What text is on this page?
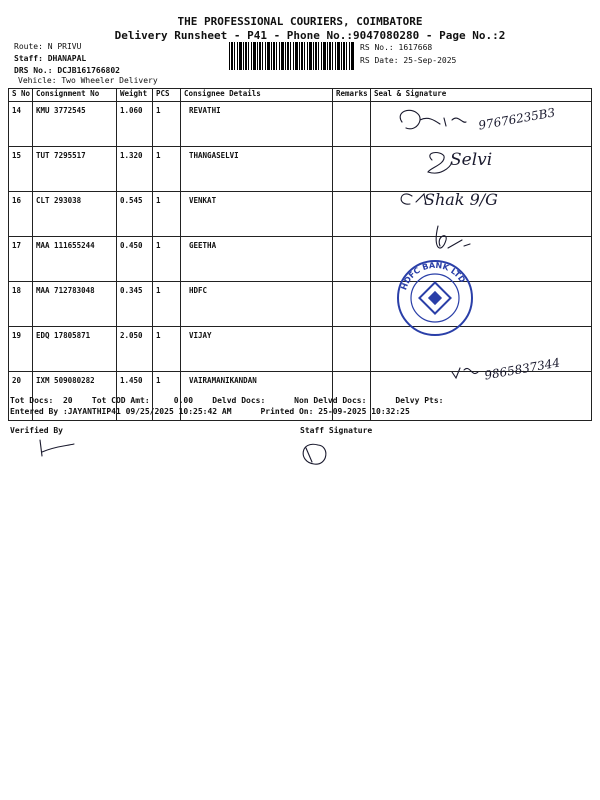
THE PROFESSIONAL COURIERS, COIMBATORE
Delivery Runsheet - P41 - Phone No.:9047080280 - Page No.:2
Route: N PRIVU
Staff: DHANAPAL
DRS No.: DCJB161766802
Vehicle: Two Wheeler Delivery
RS No.: 1617668
RS Date: 25-Sep-2025
S No	Consignment No	Weight	PCS	Consignee Details	Remarks	Seal & Signature
14	KMU 3772545	1.060	1	REVATHI		
15	TUT 7295517	1.320	1	THANGASELVI		
16	CLT 293038	0.545	1	VENKAT		
17	MAA 111655244	0.450	1	GEETHA		
18	MAA 712783048	0.345	1	HDFC		
19	EDQ 17805871	2.050	1	VIJAY		
20	IXM 509080282	1.450	1	VAIRAMANIKANDAN		
97676235B3
Selvi
Shak 9/G
9865837344
HDFC BANK LTD
Tot Docs:  20    Tot COD Amt:     0.00    Delvd Docs:      Non Delvd Docs:      Delvy Pts:
Entered By :JAYANTHIP41 09/25/2025 10:25:42 AM      Printed On: 25-09-2025 10:32:25
Verified By	Staff Signature
